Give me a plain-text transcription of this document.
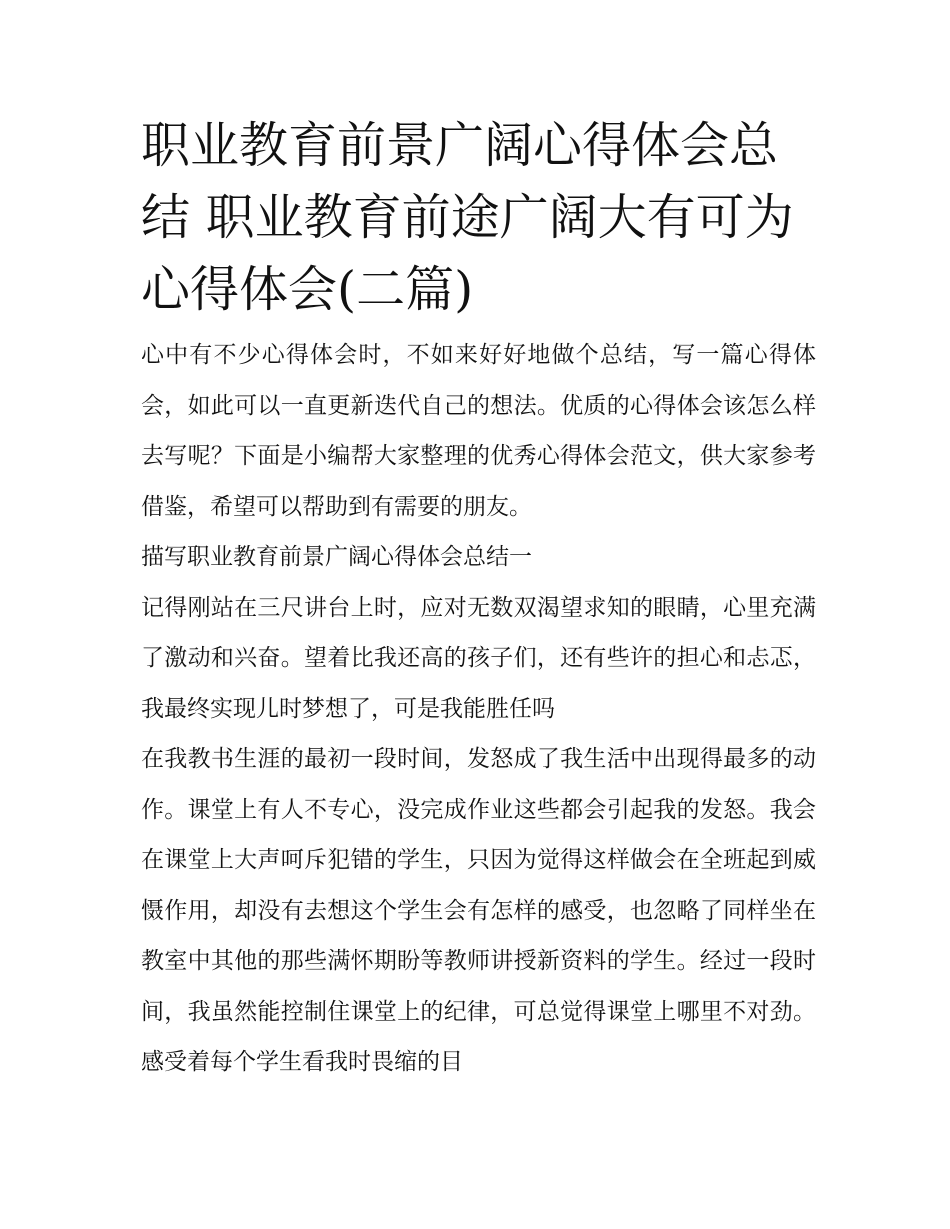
职业教育前景广阔心得体会总结 职业教育前途广阔大有可为心得体会(二篇)

心中有不少心得体会时，不如来好好地做个总结，写一篇心得体会，如此可以一直更新迭代自己的想法。优质的心得体会该怎么样去写呢？下面是小编帮大家整理的优秀心得体会范文，供大家参考借鉴，希望可以帮助到有需要的朋友。

描写职业教育前景广阔心得体会总结一

记得刚站在三尺讲台上时，应对无数双渴望求知的眼睛，心里充满了激动和兴奋。望着比我还高的孩子们，还有些许的担心和忐忑，我最终实现儿时梦想了，可是我能胜任吗

在我教书生涯的最初一段时间，发怒成了我生活中出现得最多的动作。课堂上有人不专心，没完成作业这些都会引起我的发怒。我会在课堂上大声呵斥犯错的学生，只因为觉得这样做会在全班起到威慑作用，却没有去想这个学生会有怎样的感受，也忽略了同样坐在教室中其他的那些满怀期盼等教师讲授新资料的学生。经过一段时间，我虽然能控制住课堂上的纪律，可总觉得课堂上哪里不对劲。感受着每个学生看我时畏缩的目
